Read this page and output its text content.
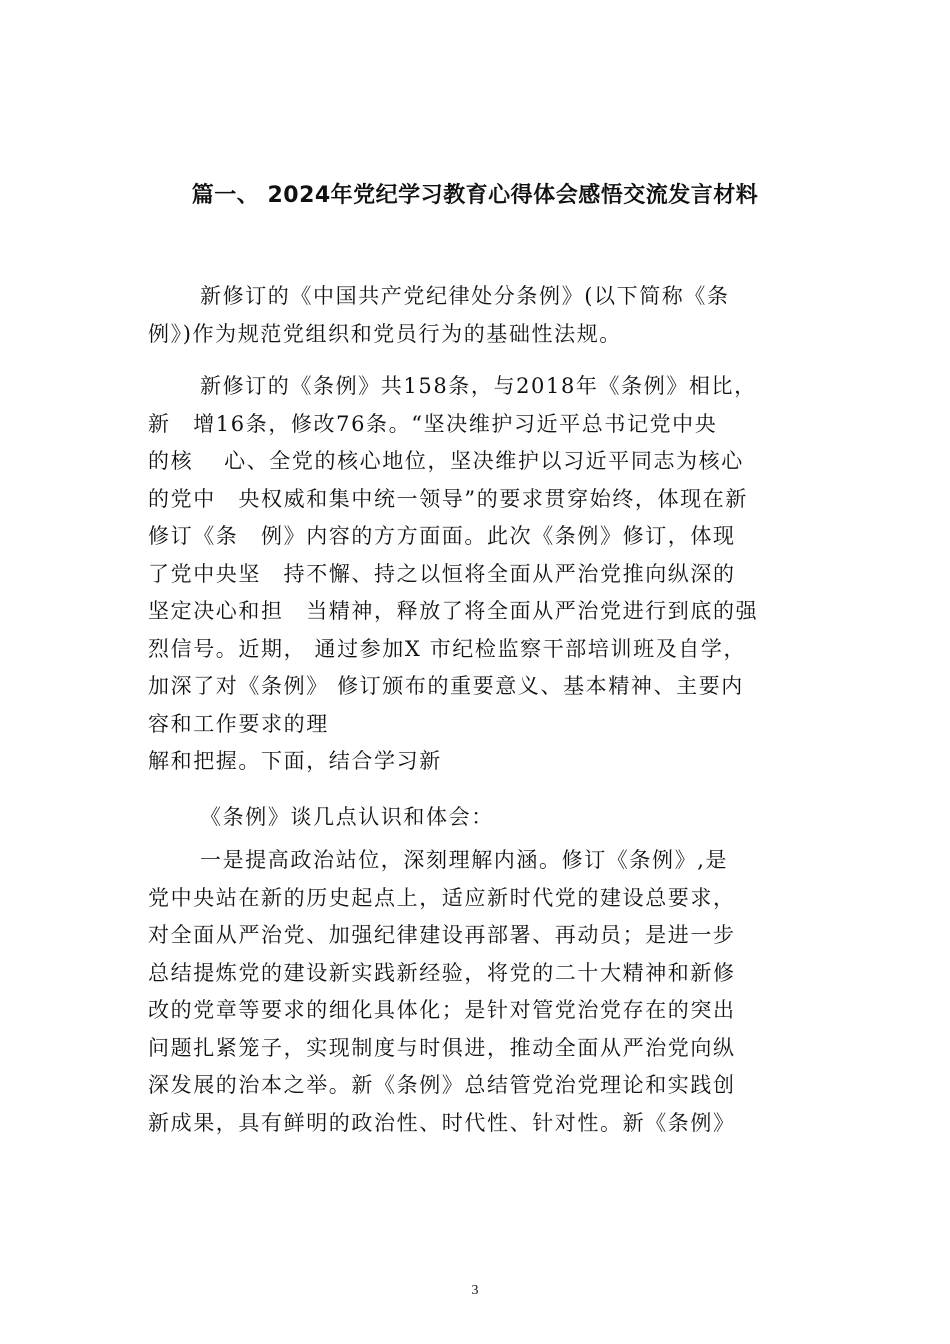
篇一、 2024年党纪学习教育心得体会感悟交流发言材料
新修订的《中国共产党纪律处分条例》(以下简称《条
例》)作为规范党组织和党员行为的基础性法规。
新修订的《条例》共158条，与2018年《条例》相比，
新　增16条，修改76条。“坚决维护习近平总书记党中央
的核　 心、全党的核心地位，坚决维护以习近平同志为核心
的党中　央权威和集中统一领导”的要求贯穿始终，体现在新
修订《条　例》内容的方方面面。此次《条例》修订，体现
了党中央坚　持不懈、持之以恒将全面从严治党推向纵深的
坚定决心和担　当精神，释放了将全面从严治党进行到底的强
烈信号。近期， 通过参加X 市纪检监察干部培训班及自学，
加深了对《条例》 修订颁布的重要意义、基本精神、主要内
容和工作要求的理
解和把握。下面，结合学习新
《条例》谈几点认识和体会：
一是提高政治站位，深刻理解内涵。修订《条例》,是
党中央站在新的历史起点上，适应新时代党的建设总要求，
对全面从严治党、加强纪律建设再部署、再动员；是进一步
总结提炼党的建设新实践新经验，将党的二十大精神和新修
改的党章等要求的细化具体化；是针对管党治党存在的突出
问题扎紧笼子，实现制度与时俱进，推动全面从严治党向纵
深发展的治本之举。新《条例》总结管党治党理论和实践创
新成果，具有鲜明的政治性、时代性、针对性。新《条例》
3
